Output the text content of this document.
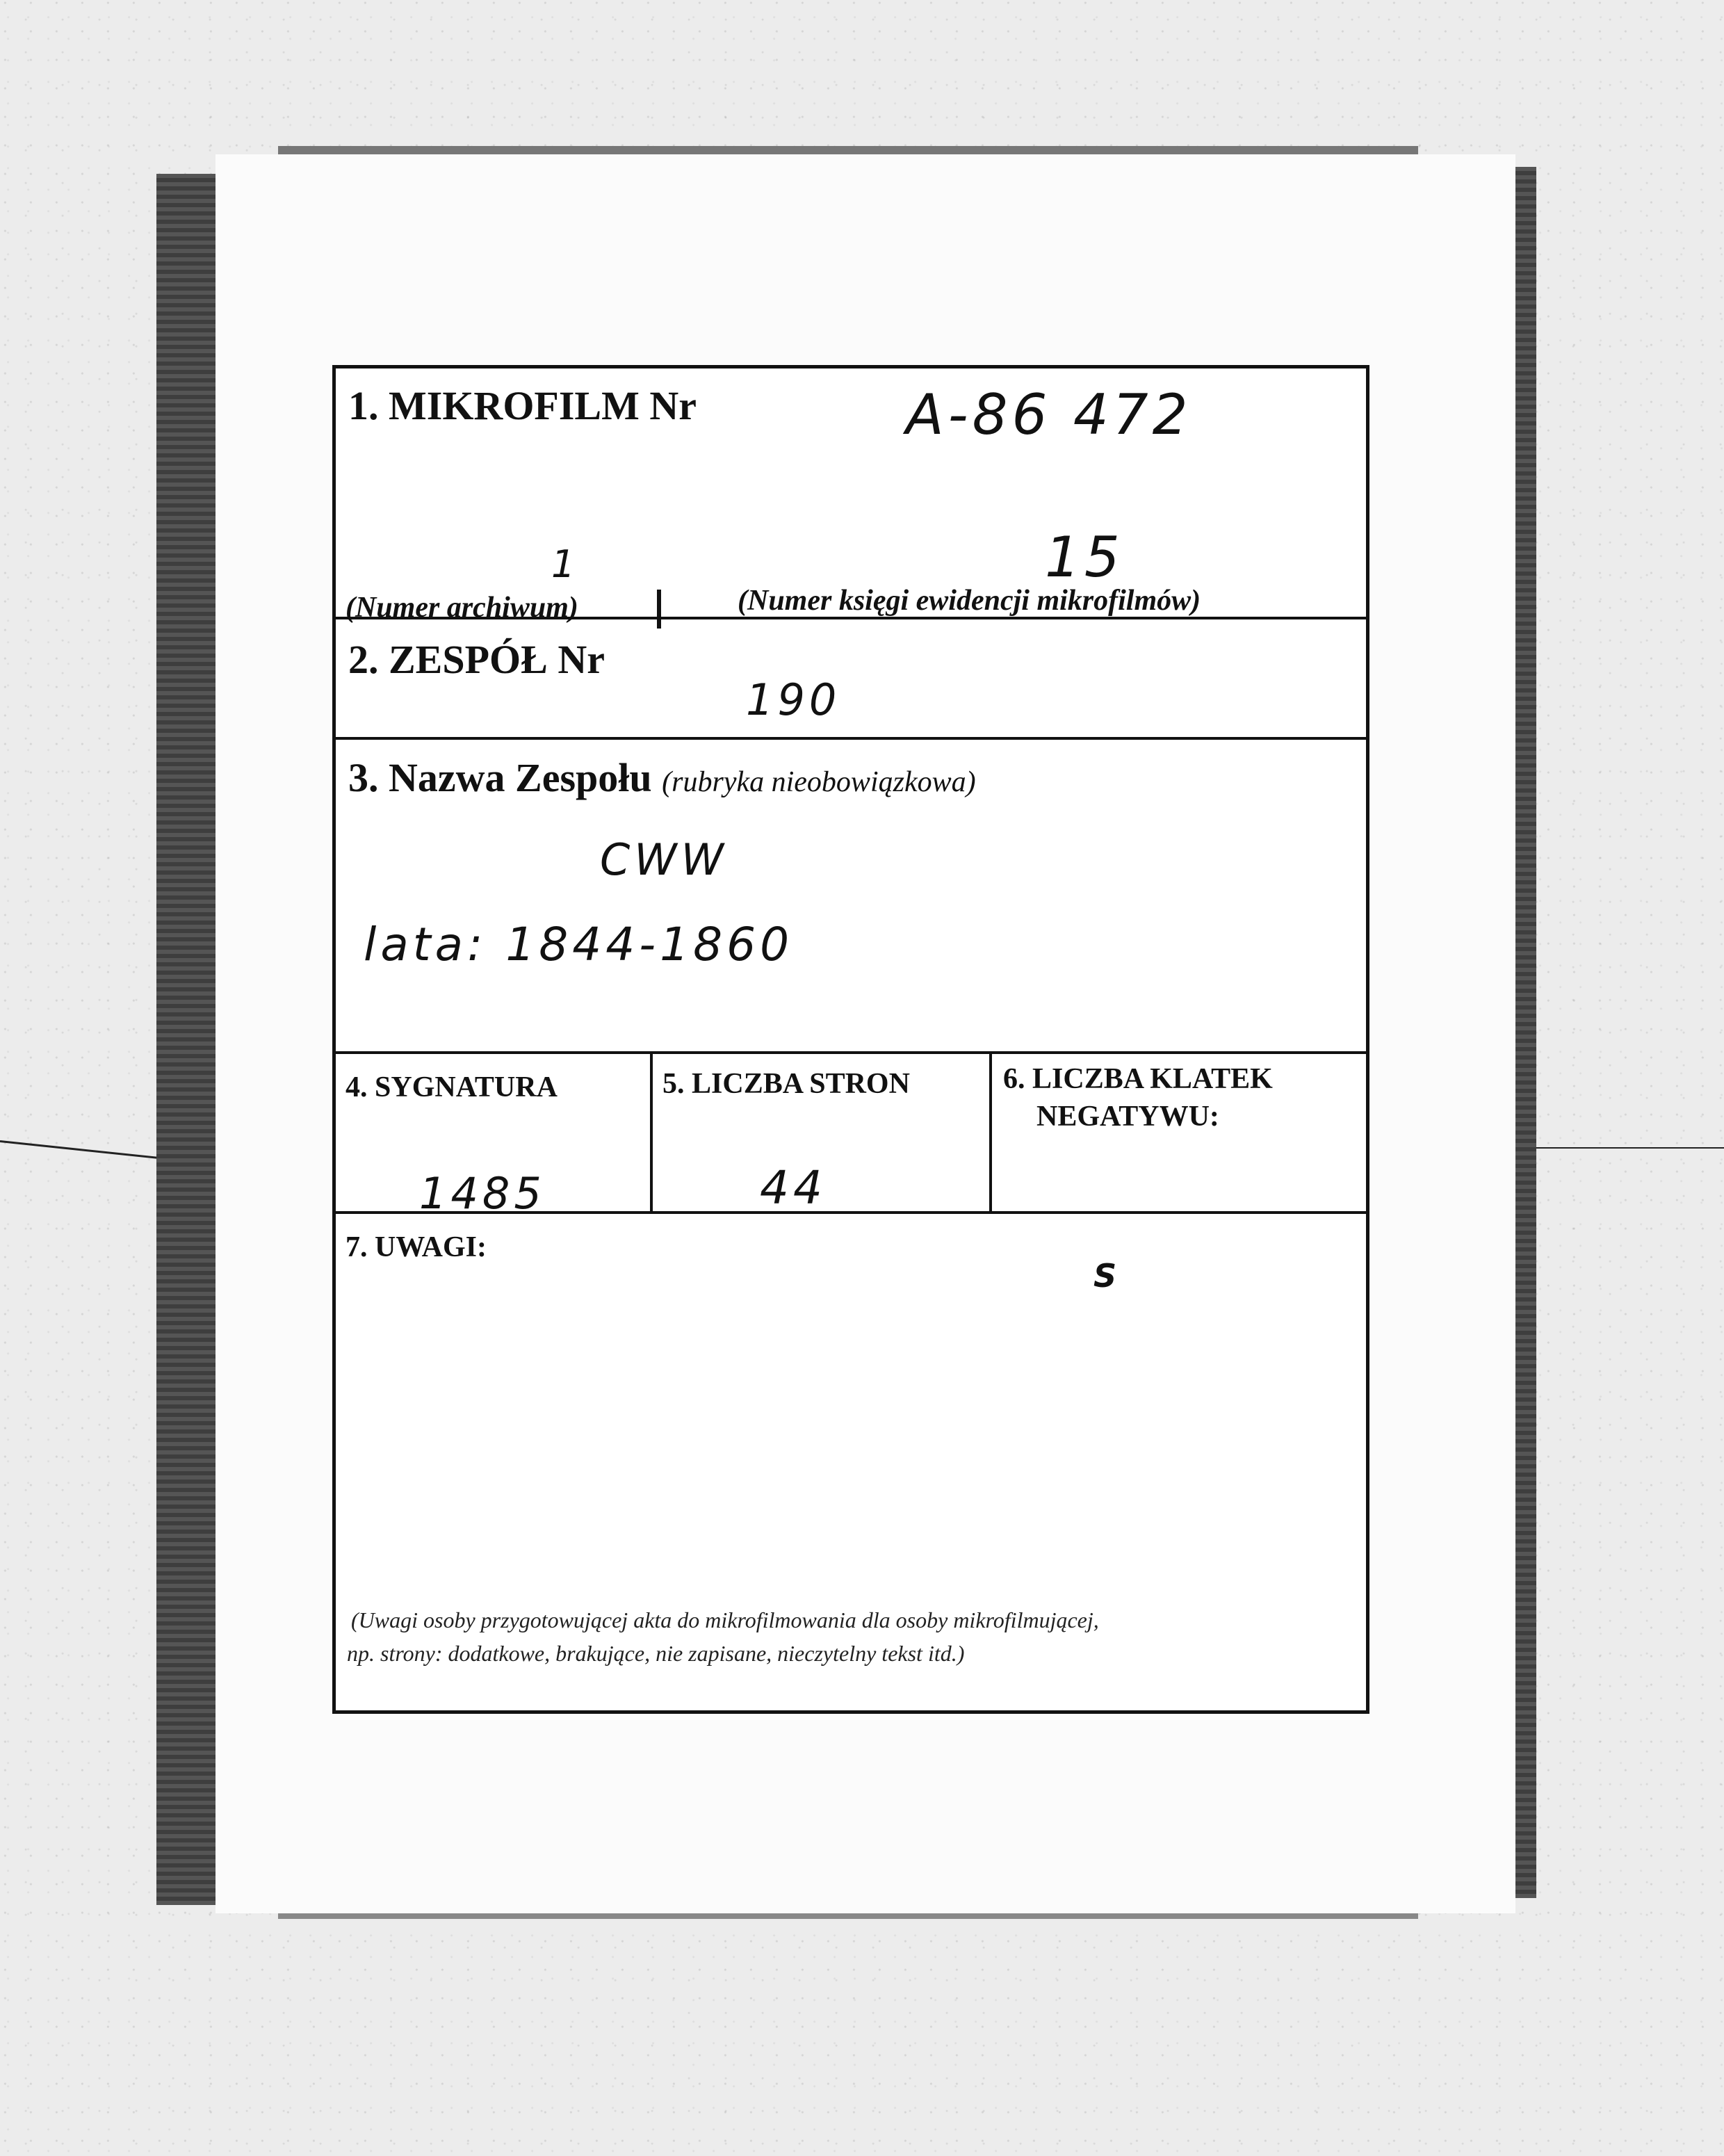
1. MIKROFILM Nr	A-86 472
1	15
(Numer archiwum)	(Numer księgi ewidencji mikrofilmów)
2. ZESPÓŁ Nr
190
3. Nazwa Zespołu (rubryka nieobowiązkowa)
CWW
lata: 1844-1860
4. SYGNATURA
1485
5. LICZBA STRON
44
6. LICZBA KLATEK
NEGATYWU:
7. UWAGI:
S
(Uwagi osoby przygotowującej akta do mikrofilmowania dla osoby mikrofilmującej,
np. strony: dodatkowe, brakujące, nie zapisane, nieczytelny tekst itd.)
